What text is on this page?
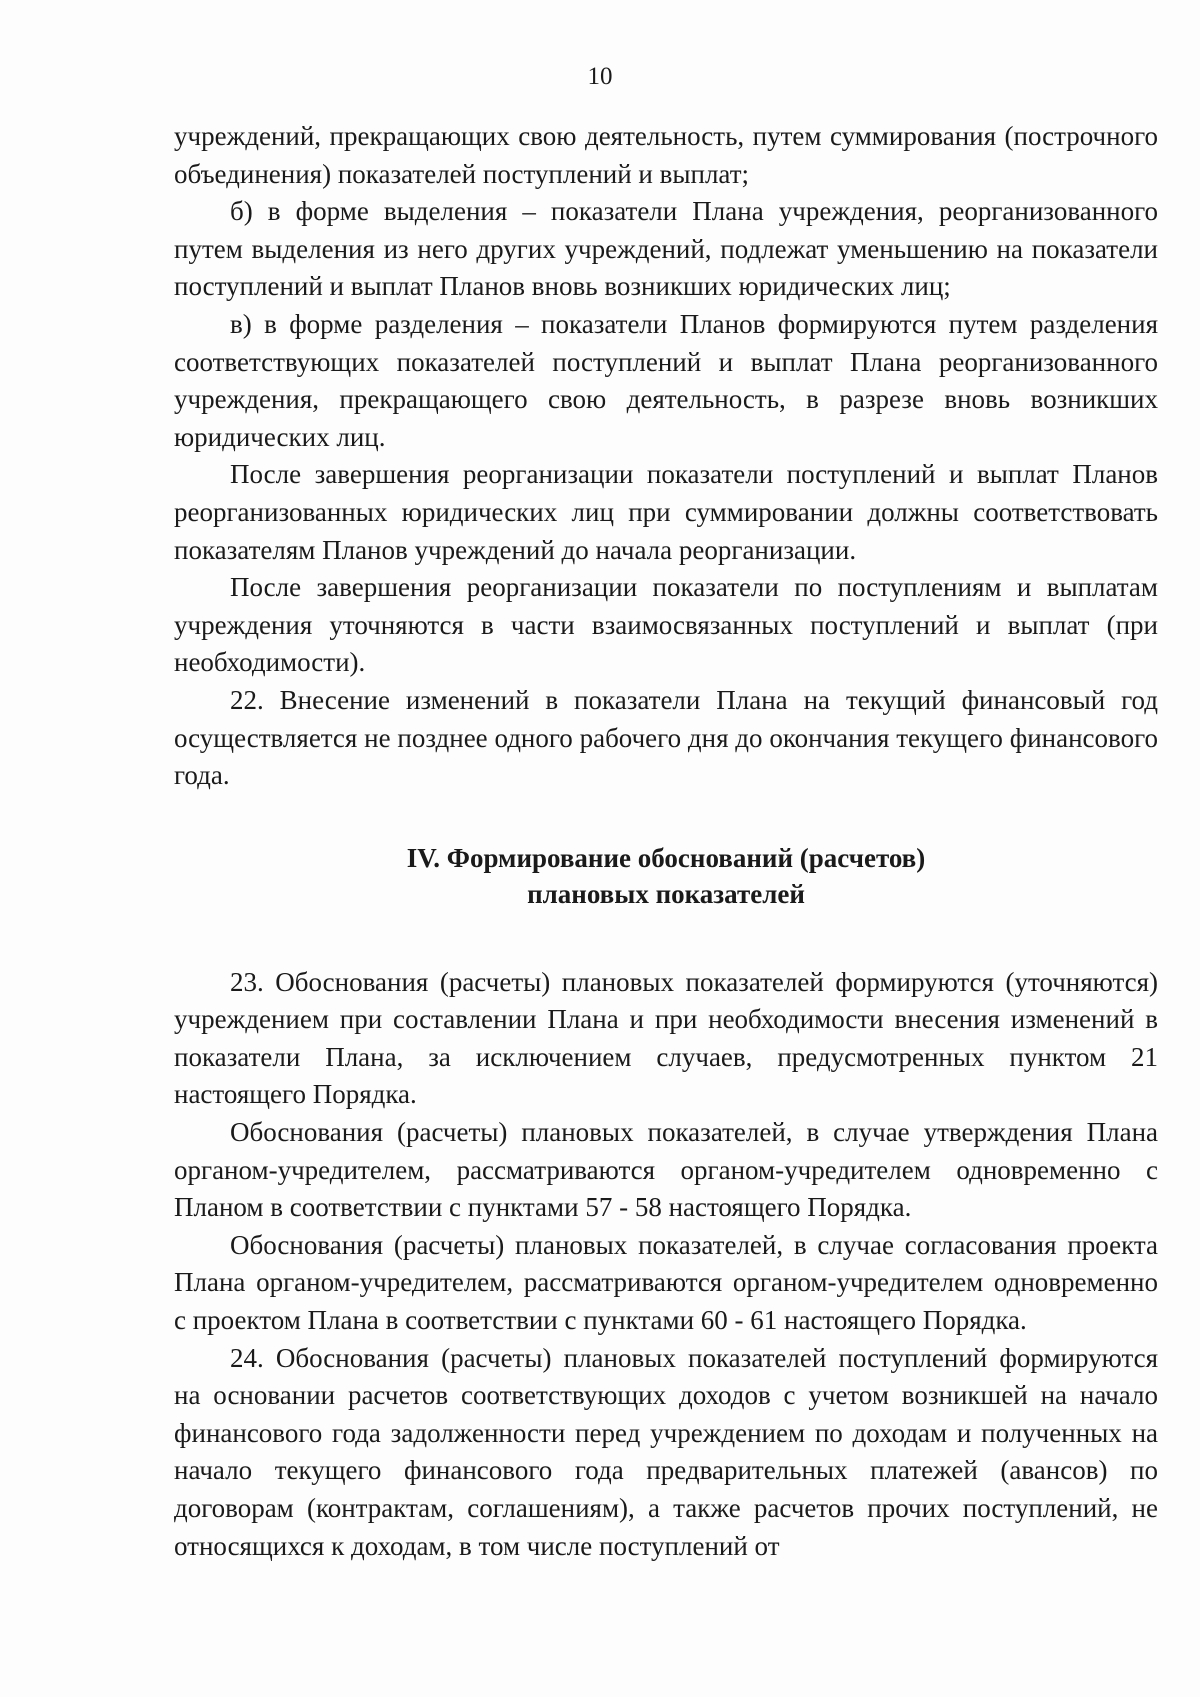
10

учреждений, прекращающих свою деятельность, путем суммирования (построчного объединения) показателей поступлений и выплат;

б) в форме выделения – показатели Плана учреждения, реорганизованного путем выделения из него других учреждений, подлежат уменьшению на показатели поступлений и выплат Планов вновь возникших юридических лиц;

в) в форме разделения – показатели Планов формируются путем разделения соответствующих показателей поступлений и выплат Плана реорганизованного учреждения, прекращающего свою деятельность, в разрезе вновь возникших юридических лиц.

После завершения реорганизации показатели поступлений и выплат Планов реорганизованных юридических лиц при суммировании должны соответствовать показателям Планов учреждений до начала реорганизации.

После завершения реорганизации показатели по поступлениям и выплатам учреждения уточняются в части взаимосвязанных поступлений и выплат (при необходимости).

22. Внесение изменений в показатели Плана на текущий финансовый год осуществляется не позднее одного рабочего дня до окончания текущего финансового года.

IV. Формирование обоснований (расчетов)
плановых показателей

23. Обоснования (расчеты) плановых показателей формируются (уточняются) учреждением при составлении Плана и при необходимости внесения изменений в показатели Плана, за исключением случаев, предусмотренных пунктом 21 настоящего Порядка.

Обоснования (расчеты) плановых показателей, в случае утверждения Плана органом-учредителем, рассматриваются органом-учредителем одновременно с Планом в соответствии с пунктами 57 - 58 настоящего Порядка.

Обоснования (расчеты) плановых показателей, в случае согласования проекта Плана органом-учредителем, рассматриваются органом-учредителем одновременно с проектом Плана в соответствии с пунктами 60 - 61 настоящего Порядка.

24. Обоснования (расчеты) плановых показателей поступлений формируются на основании расчетов соответствующих доходов с учетом возникшей на начало финансового года задолженности перед учреждением по доходам и полученных на начало текущего финансового года предварительных платежей (авансов) по договорам (контрактам, соглашениям), а также расчетов прочих поступлений, не относящихся к доходам, в том числе поступлений от
